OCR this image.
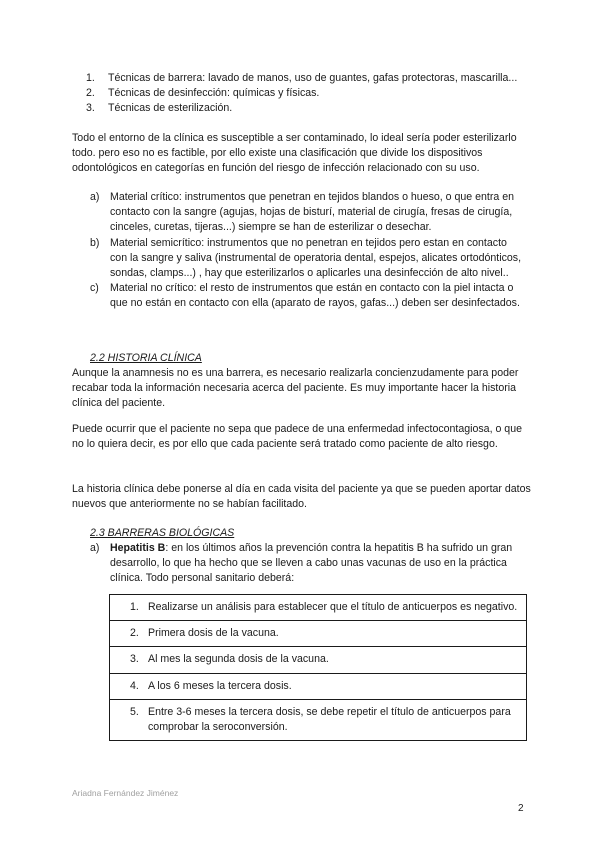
1.	Técnicas de barrera: lavado de manos, uso de guantes, gafas protectoras, mascarilla...
2.	Técnicas de desinfección: químicas y físicas.
3.	Técnicas de esterilización.
Todo el entorno de la clínica es susceptible a ser contaminado, lo ideal sería poder esterilizarlo todo. pero eso no es factible, por ello existe una clasificación que divide los dispositivos odontológicos en categorías en función del riesgo de infección relacionado con su uso.
a) Material crítico: instrumentos que penetran en tejidos blandos o hueso, o que entra en contacto con la sangre (agujas, hojas de bisturí, material de cirugía, fresas de cirugía, cinceles, curetas, tijeras...) siempre se han de esterilizar o desechar.
b) Material semicrítico: instrumentos que no penetran en tejidos pero estan en contacto con la sangre y saliva (instrumental de operatoria dental, espejos, alicates ortodónticos, sondas, clamps...) , hay que esterilizarlos o aplicarles una desinfección de alto nivel..
c)	Material no crítico: el resto de instrumentos que están en contacto con la piel intacta o que no están en contacto con ella (aparato de rayos, gafas...) deben ser desinfectados.
2.2 HISTORIA CLÍNICA
Aunque la anamnesis no es una barrera, es necesario realizarla concienzudamente para poder recabar toda la información necesaria acerca del paciente. Es muy importante hacer la historia clínica del paciente.
Puede ocurrir que el paciente no sepa que padece de una enfermedad infectocontagiosa, o que no lo quiera decir, es por ello que cada paciente será tratado como paciente de alto riesgo.
La historia clínica debe ponerse al día en cada visita del paciente ya que se pueden aportar datos nuevos que anteriormente no se habían facilitado.
2.3 BARRERAS BIOLÓGICAS
a) Hepatitis B: en los últimos años la prevención contra la hepatitis B ha sufrido un gran desarrollo, lo que ha hecho que se lleven a cabo unas vacunas de uso en la práctica clínica. Todo personal sanitario deberá:
1. Realizarse un análisis para establecer que el título de anticuerpos es negativo.

2. Primera dosis de la vacuna.

3. Al mes la segunda dosis de la vacuna.

4. A los 6 meses la tercera dosis.

5. Entre 3-6 meses la tercera dosis, se debe repetir el título de anticuerpos para comprobar la seroconversión.
Ariadna Fernández Jiménez
2
